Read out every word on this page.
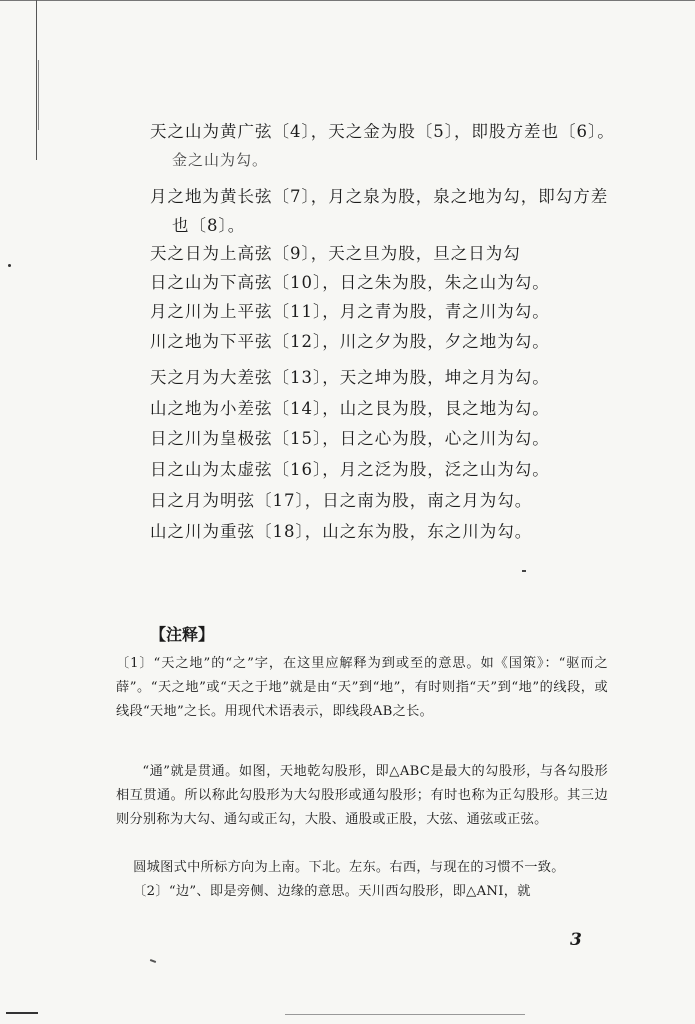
天之山为黄广弦〔4〕，天之金为股〔5〕，即股方差也〔6〕。
金之山为勾。
月之地为黄长弦〔7〕，月之泉为股，泉之地为勾，即勾方差
也〔8〕。
天之日为上高弦〔9〕，天之旦为股，旦之日为勾
日之山为下高弦〔10〕，日之朱为股，朱之山为勾。
月之川为上平弦〔11〕，月之青为股，青之川为勾。
川之地为下平弦〔12〕，川之夕为股，夕之地为勾。
天之月为大差弦〔13〕，天之坤为股，坤之月为勾。
山之地为小差弦〔14〕，山之艮为股，艮之地为勾。
日之川为皇极弦〔15〕，日之心为股，心之川为勾。
日之山为太虚弦〔16〕，月之泛为股，泛之山为勾。
日之月为明弦〔17〕，日之南为股，南之月为勾。
山之川为重弦〔18〕，山之东为股，东之川为勾。
【注释】
〔1〕“天之地”的“之”字，在这里应解释为到或至的意思。如《国策》：“驱而之薛”。“天之地”或“天之于地”就是由“天”到“地”，有时则指“天”到“地”的线段，或线段“天地”之长。用现代术语表示，即线段AB之长。
“通”就是贯通。如图，天地乾勾股形，即△ABC是最大的勾股形，与各勾股形相互贯通。所以称此勾股形为大勾股形或通勾股形；有时也称为正勾股形。其三边则分别称为大勾、通勾或正勾，大股、通股或正股，大弦、通弦或正弦。
圆城图式中所标方向为上南。下北。左东。右西，与现在的习惯不一致。
〔2〕“边”、即是旁侧、边缘的意思。天川西勾股形，即△ANI，就
3
